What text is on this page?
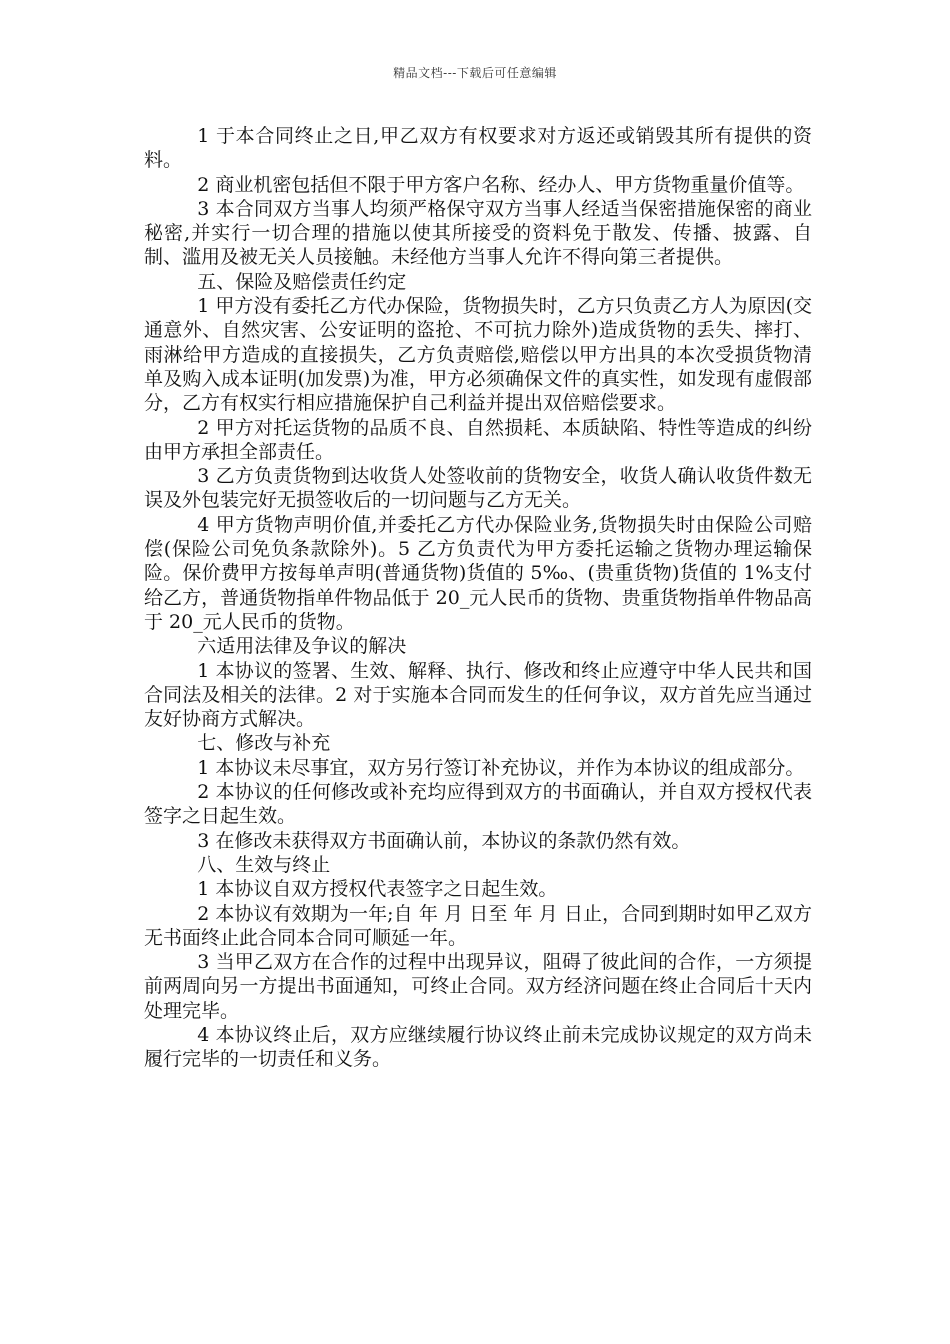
精品文档---下载后可任意编辑

1 于本合同终止之日,甲乙双方有权要求对方返还或销毁其所有提供的资料。

2 商业机密包括但不限于甲方客户名称、经办人、甲方货物重量价值等。

3 本合同双方当事人均须严格保守双方当事人经适当保密措施保密的商业秘密,并实行一切合理的措施以使其所接受的资料免于散发、传播、披露、自制、滥用及被无关人员接触。未经他方当事人允许不得向第三者提供。

五、保险及赔偿责任约定

1 甲方没有委托乙方代办保险，货物损失时，乙方只负责乙方人为原因(交通意外、自然灾害、公安证明的盗抢、不可抗力除外)造成货物的丢失、摔打、雨淋给甲方造成的直接损失，乙方负责赔偿,赔偿以甲方出具的本次受损货物清单及购入成本证明(加发票)为准，甲方必须确保文件的真实性，如发现有虚假部分，乙方有权实行相应措施保护自己利益并提出双倍赔偿要求。

2 甲方对托运货物的品质不良、自然损耗、本质缺陷、特性等造成的纠纷由甲方承担全部责任。

3 乙方负责货物到达收货人处签收前的货物安全，收货人确认收货件数无误及外包装完好无损签收后的一切问题与乙方无关。

4 甲方货物声明价值,并委托乙方代办保险业务,货物损失时由保险公司赔偿(保险公司免负条款除外)。5 乙方负责代为甲方委托运输之货物办理运输保险。保价费甲方按每单声明(普通货物)货值的 5‰、(贵重货物)货值的 1%支付给乙方，普通货物指单件物品低于 20_元人民币的货物、贵重货物指单件物品高于 20_元人民币的货物。

六适用法律及争议的解决

1 本协议的签署、生效、解释、执行、修改和终止应遵守中华人民共和国合同法及相关的法律。2 对于实施本合同而发生的任何争议，双方首先应当通过友好协商方式解决。

七、修改与补充

1 本协议未尽事宜，双方另行签订补充协议，并作为本协议的组成部分。

2 本协议的任何修改或补充均应得到双方的书面确认，并自双方授权代表签字之日起生效。

3 在修改未获得双方书面确认前，本协议的条款仍然有效。

八、生效与终止

1 本协议自双方授权代表签字之日起生效。

2 本协议有效期为一年;自 年 月 日至 年 月 日止，合同到期时如甲乙双方无书面终止此合同本合同可顺延一年。

3 当甲乙双方在合作的过程中出现异议，阻碍了彼此间的合作，一方须提前两周向另一方提出书面通知，可终止合同。双方经济问题在终止合同后十天内处理完毕。

4 本协议终止后，双方应继续履行协议终止前未完成协议规定的双方尚未履行完毕的一切责任和义务。
